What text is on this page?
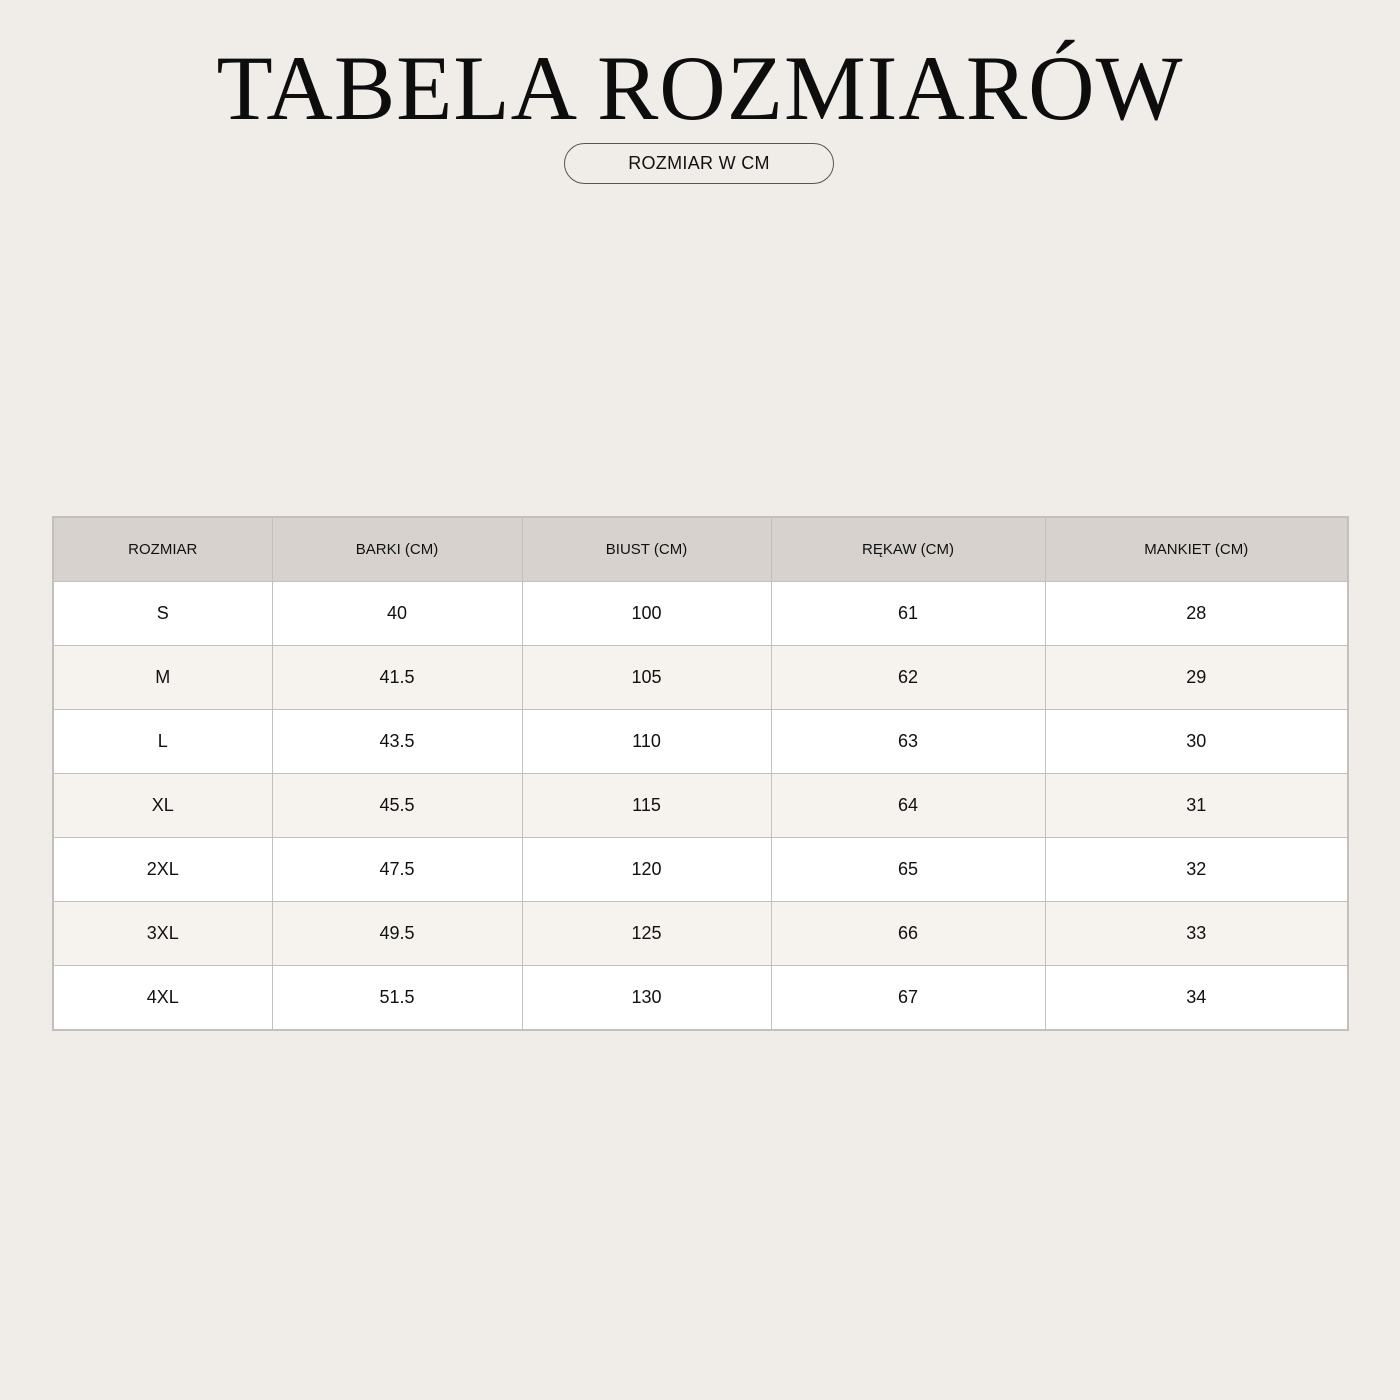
TABELA ROZMIARÓW
ROZMIAR W CM
ROZMIAR	BARKI (CM)	BIUST (CM)	RĘKAW (CM)	MANKIET (CM)
S	40	100	61	28
M	41.5	105	62	29
L	43.5	110	63	30
XL	45.5	115	64	31
2XL	47.5	120	65	32
3XL	49.5	125	66	33
4XL	51.5	130	67	34
